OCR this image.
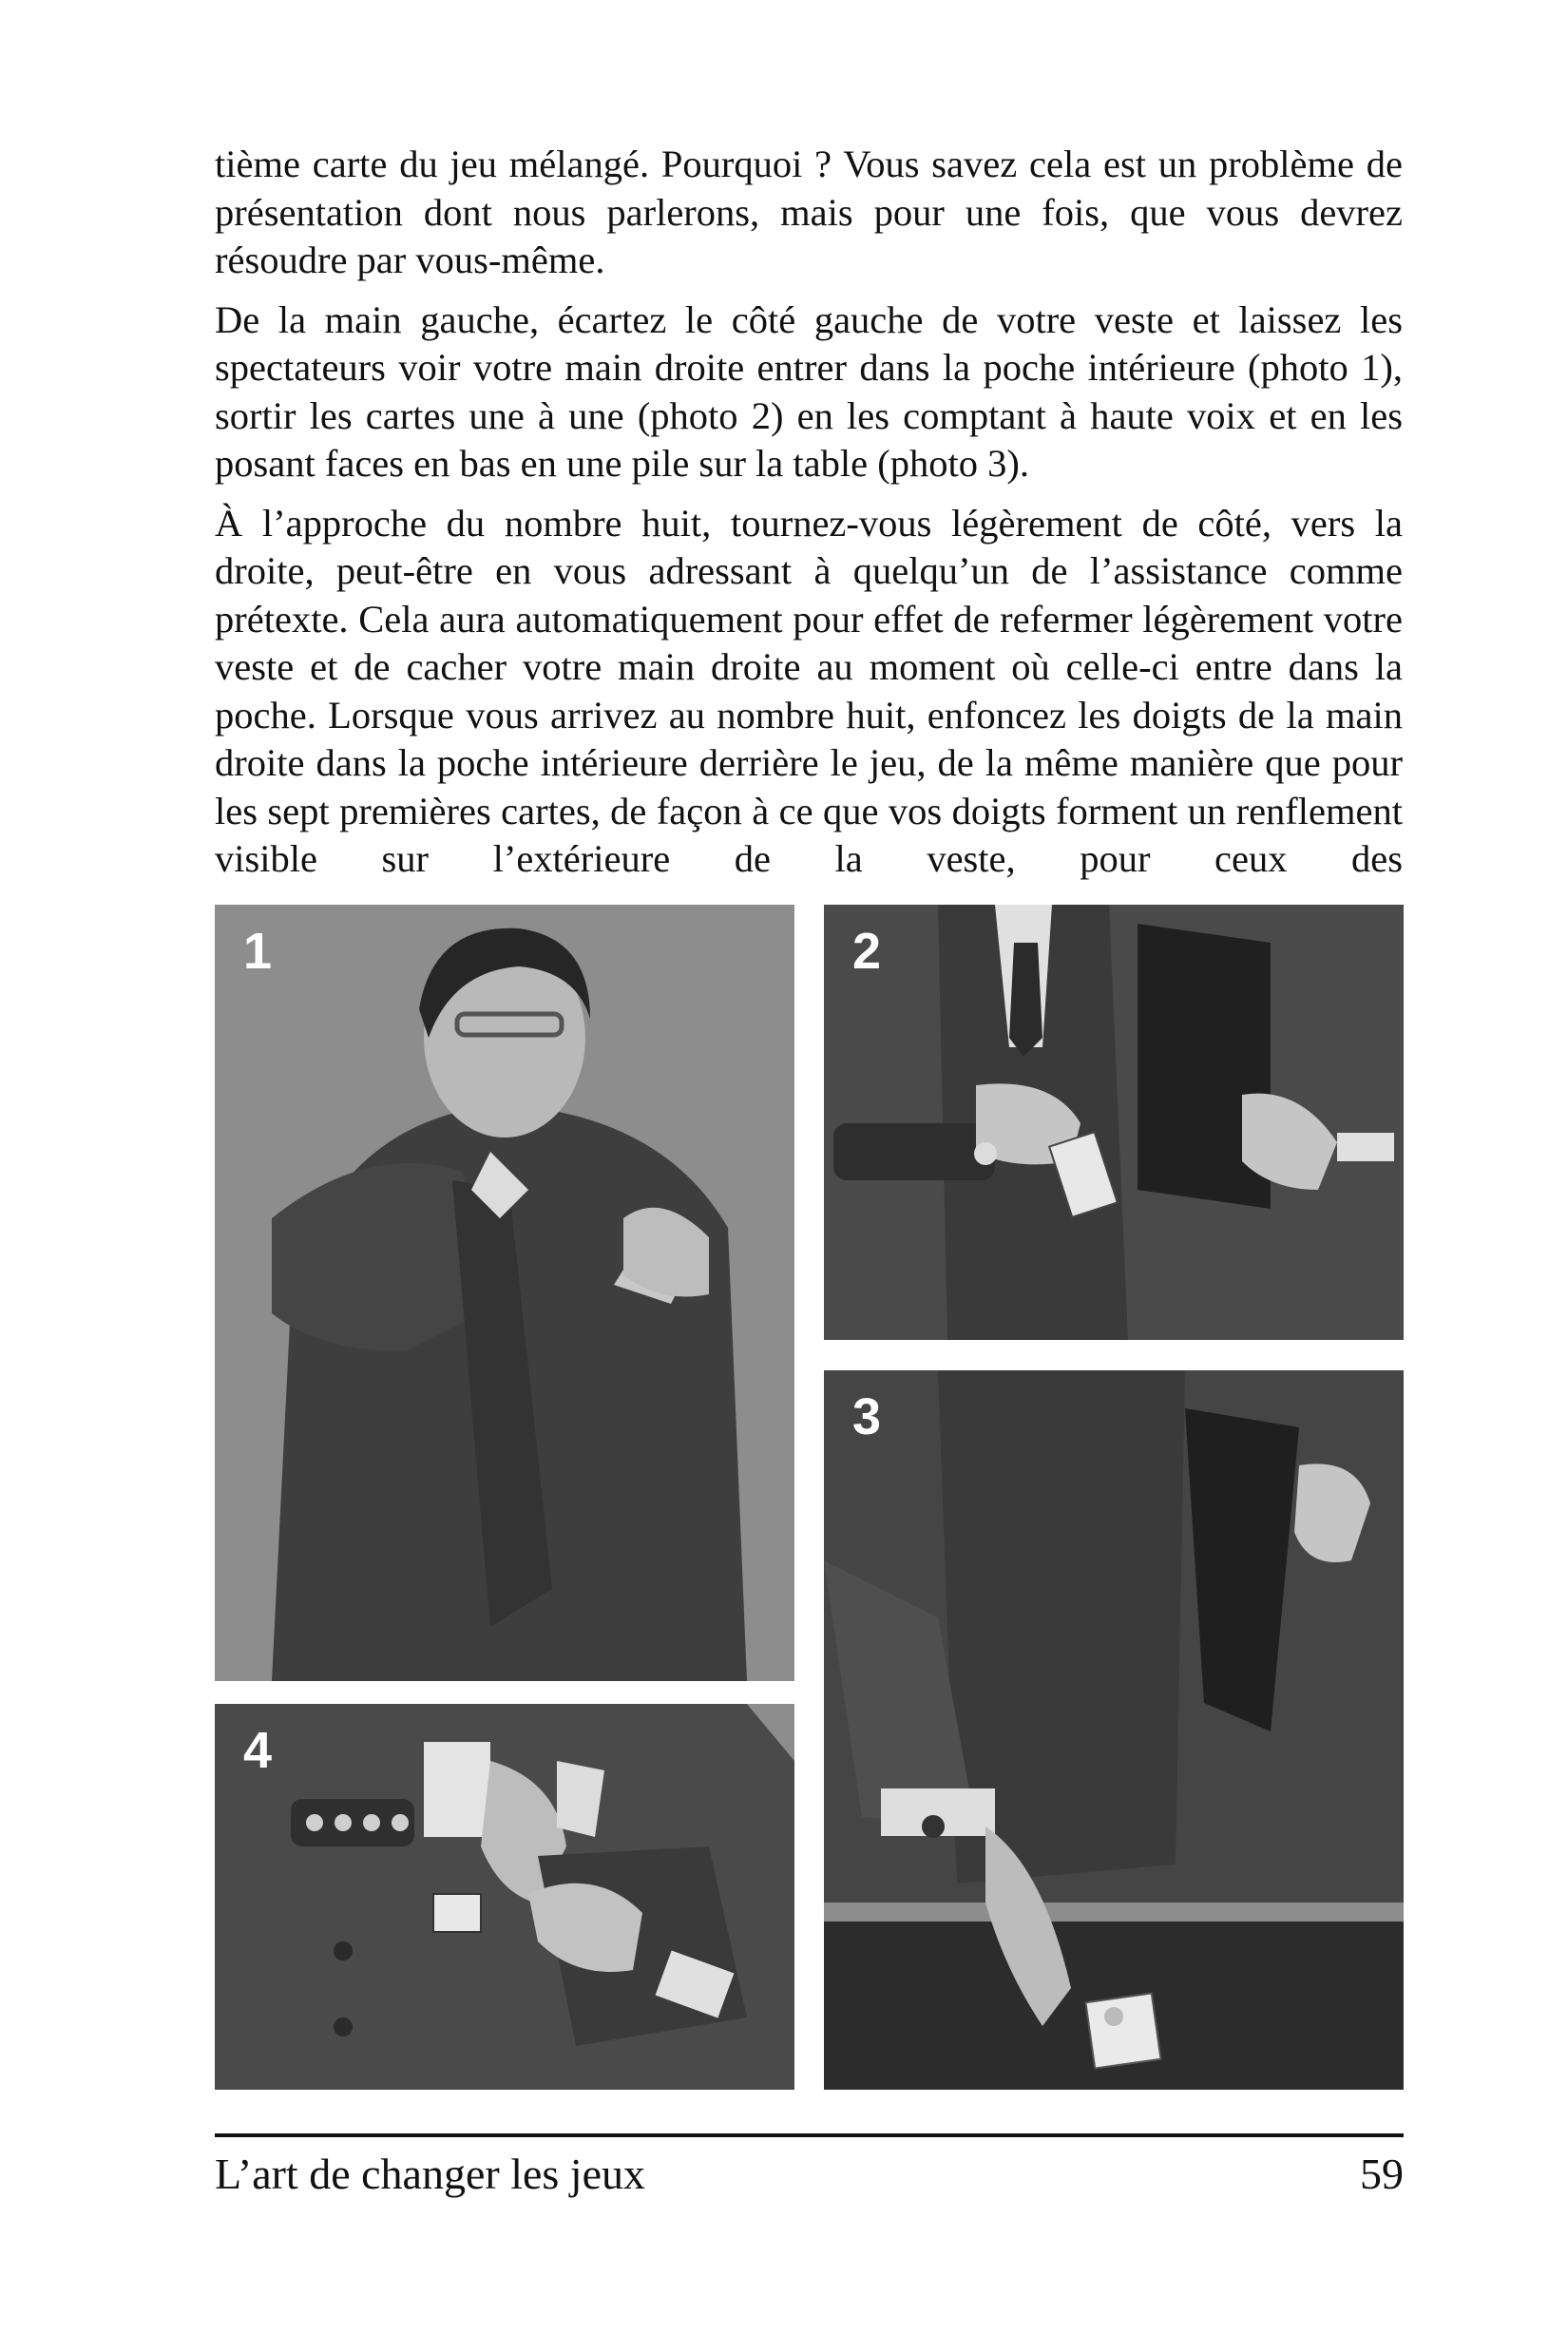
tième carte du jeu mélangé. Pourquoi ? Vous savez cela est un problème de présentation dont nous parlerons, mais pour une fois, que vous devrez résoudre par vous-même.

De la main gauche, écartez le côté gauche de votre veste et laissez les spectateurs voir votre main droite entrer dans la poche intérieure (photo 1), sortir les cartes une à une (photo 2) en les comptant à haute voix et en les posant faces en bas en une pile sur la table (photo 3).

À l’approche du nombre huit, tournez-vous légèrement de côté, vers la droite, peut-être en vous adressant à quelqu’un de l’assistance comme prétexte. Cela aura automatiquement pour effet de refermer légèrement votre veste et de cacher votre main droite au moment où celle-ci entre dans la poche. Lorsque vous arrivez au nombre huit, enfoncez les doigts de la main droite dans la poche intérieure derrière le jeu, de la même manière que pour les sept premières cartes, de façon à ce que vos doigts forment un renflement visible sur l’extérieure de la veste, pour ceux des

1	2
3
4
L’art de changer les jeux	59
